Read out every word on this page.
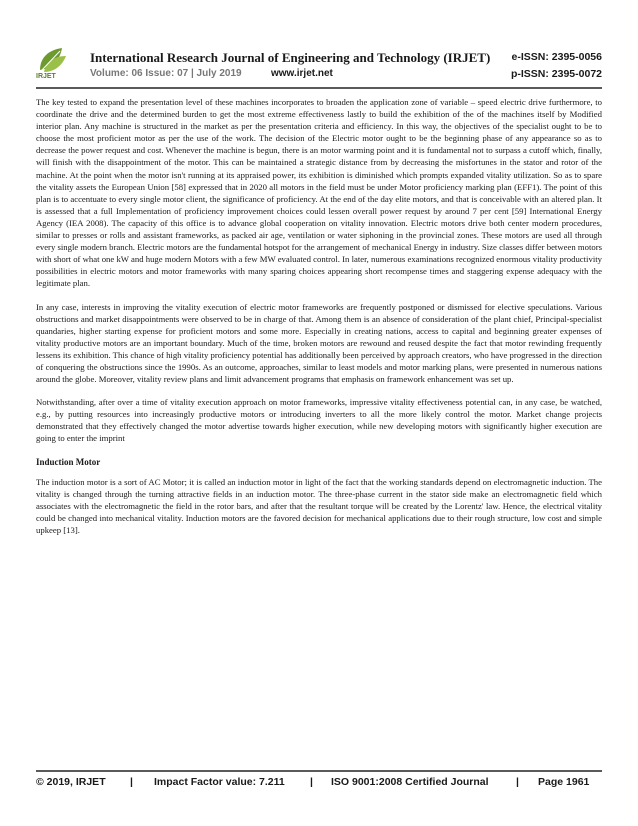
IRJET
International Research Journal of Engineering and Technology (IRJET) e-ISSN: 2395-0056
Volume: 06 Issue: 07 | July 2019	www.irjet.net	p-ISSN: 2395-0072

The key tested to expand the presentation level of these machines incorporates to broaden the application zone of variable – speed electric drive furthermore, to coordinate the drive and the determined burden to get the most extreme effectiveness lastly to build the exhibition of the of the machines itself by Modified interior plan. Any machine is structured in the market as per the presentation criteria and efficiency. In this way, the objectives of the specialist ought to be to choose the most proficient motor as per the use of the work. The decision of the Electric motor ought to be the beginning phase of any appearance so as to decrease the power request and cost. Whenever the machine is begun, there is an motor warming point and it is fundamental not to surpass a cutoff which, finally, will finish with the disappointment of the motor. This can be maintained a strategic distance from by decreasing the misfortunes in the stator and rotor of the machine. At the point when the motor isn't running at its appraised power, its exhibition is diminished which prompts expanded vitality utilization. So as to spare the vitality assets the European Union [58] expressed that in 2020 all motors in the field must be under Motor proficiency marking plan (EFF1). The point of this plan is to accentuate to every single motor client, the significance of proficiency. At the end of the day elite motors, and that is conceivable with an altered plan. It is assessed that a full Implementation of proficiency improvement choices could lessen overall power request by around 7 per cent [59] International Energy Agency (IEA 2008). The capacity of this office is to advance global cooperation on vitality innovation. Electric motors drive both center modern procedures, similar to presses or rolls and assistant frameworks, as packed air age, ventilation or water siphoning in the provincial zones. These motors are used all through every single modern branch. Electric motors are the fundamental hotspot for the arrangement of mechanical Energy in industry. Size classes differ between motors with short of what one kW and huge modern Motors with a few MW evaluated control. In later, numerous examinations recognized enormous vitality productivity possibilities in electric motors and motor frameworks with many sparing choices appearing short recompense times and staggering expense adequacy with the legitimate plan.

In any case, interests in improving the vitality execution of electric motor frameworks are frequently postponed or dismissed for elective speculations. Various obstructions and market disappointments were observed to be in charge of that. Among them is an absence of consideration of the plant chief, Principal-specialist quandaries, higher starting expense for proficient motors and some more. Especially in creating nations, access to capital and beginning greater expenses of vitality productive motors are an important boundary. Much of the time, broken motors are rewound and reused despite the fact that motor rewinding frequently lessens its exhibition. This chance of high vitality proficiency potential has additionally been perceived by approach creators, who have progressed in the direction of conquering the obstructions since the 1990s. As an outcome, approaches, similar to least models and motor marking plans, were presented in numerous nations around the globe. Moreover, vitality review plans and limit advancement programs that emphasis on framework enhancement was set up.

Notwithstanding, after over a time of vitality execution approach on motor frameworks, impressive vitality effectiveness potential can, in any case, be watched, e.g., by putting resources into increasingly productive motors or introducing inverters to all the more likely control the motor. Market change projects demonstrated that they effectively changed the motor advertise towards higher execution, while new developing motors with significantly higher execution are going to enter the imprint

Induction Motor

The induction motor is a sort of AC Motor; it is called an induction motor in light of the fact that the working standards depend on electromagnetic induction. The vitality is changed through the turning attractive fields in an induction motor. The three-phase current in the stator side make an electromagnetic field which associates with the electromagnetic the field in the rotor bars, and after that the resultant torque will be created by the Lorentz' law. Hence, the electrical vitality could be changed into mechanical vitality. Induction motors are the favored decision for mechanical applications due to their rough structure, low cost and simple upkeep [13].

© 2019, IRJET | Impact Factor value: 7.211 | ISO 9001:2008 Certified Journal	| Page 1961
